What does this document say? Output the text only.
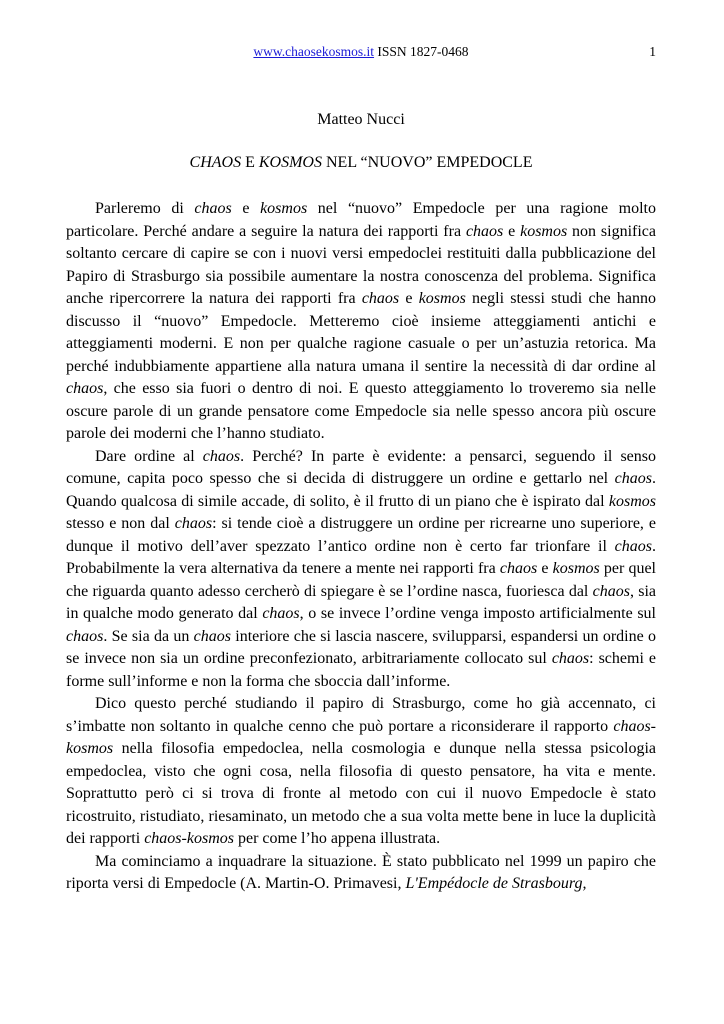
www.chaosekosmos.it ISSN 1827-0468	1
Matteo Nucci
CHAOS E KOSMOS NEL “NUOVO” EMPEDOCLE

Parleremo di chaos e kosmos nel “nuovo” Empedocle per una ragione molto particolare. Perché andare a seguire la natura dei rapporti fra chaos e kosmos non significa soltanto cercare di capire se con i nuovi versi empedoclei restituiti dalla pubblicazione del Papiro di Strasburgo sia possibile aumentare la nostra conoscenza del problema. Significa anche ripercorrere la natura dei rapporti fra chaos e kosmos negli stessi studi che hanno discusso il “nuovo” Empedocle. Metteremo cioè insieme atteggiamenti antichi e atteggiamenti moderni. E non per qualche ragione casuale o per un’astuzia retorica. Ma perché indubbiamente appartiene alla natura umana il sentire la necessità di dar ordine al chaos, che esso sia fuori o dentro di noi. E questo atteggiamento lo troveremo sia nelle oscure parole di un grande pensatore come Empedocle sia nelle spesso ancora più oscure parole dei moderni che l’hanno studiato.

Dare ordine al chaos. Perché? In parte è evidente: a pensarci, seguendo il senso comune, capita poco spesso che si decida di distruggere un ordine e gettarlo nel chaos. Quando qualcosa di simile accade, di solito, è il frutto di un piano che è ispirato dal kosmos stesso e non dal chaos: si tende cioè a distruggere un ordine per ricrearne uno superiore, e dunque il motivo dell’aver spezzato l’antico ordine non è certo far trionfare il chaos. Probabilmente la vera alternativa da tenere a mente nei rapporti fra chaos e kosmos per quel che riguarda quanto adesso cercherò di spiegare è se l’ordine nasca, fuoriesca dal chaos, sia in qualche modo generato dal chaos, o se invece l’ordine venga imposto artificialmente sul chaos. Se sia da un chaos interiore che si lascia nascere, svilupparsi, espandersi un ordine o se invece non sia un ordine preconfezionato, arbitrariamente collocato sul chaos: schemi e forme sull’informe e non la forma che sboccia dall’informe.

Dico questo perché studiando il papiro di Strasburgo, come ho già accennato, ci s’imbatte non soltanto in qualche cenno che può portare a riconsiderare il rapporto chaos-kosmos nella filosofia empedoclea, nella cosmologia e dunque nella stessa psicologia empedoclea, visto che ogni cosa, nella filosofia di questo pensatore, ha vita e mente. Soprattutto però ci si trova di fronte al metodo con cui il nuovo Empedocle è stato ricostruito, ristudiato, riesaminato, un metodo che a sua volta mette bene in luce la duplicità dei rapporti chaos-kosmos per come l’ho appena illustrata.

Ma cominciamo a inquadrare la situazione. È stato pubblicato nel 1999 un papiro che riporta versi di Empedocle (A. Martin-O. Primavesi, L'Empédocle de Strasbourg,
